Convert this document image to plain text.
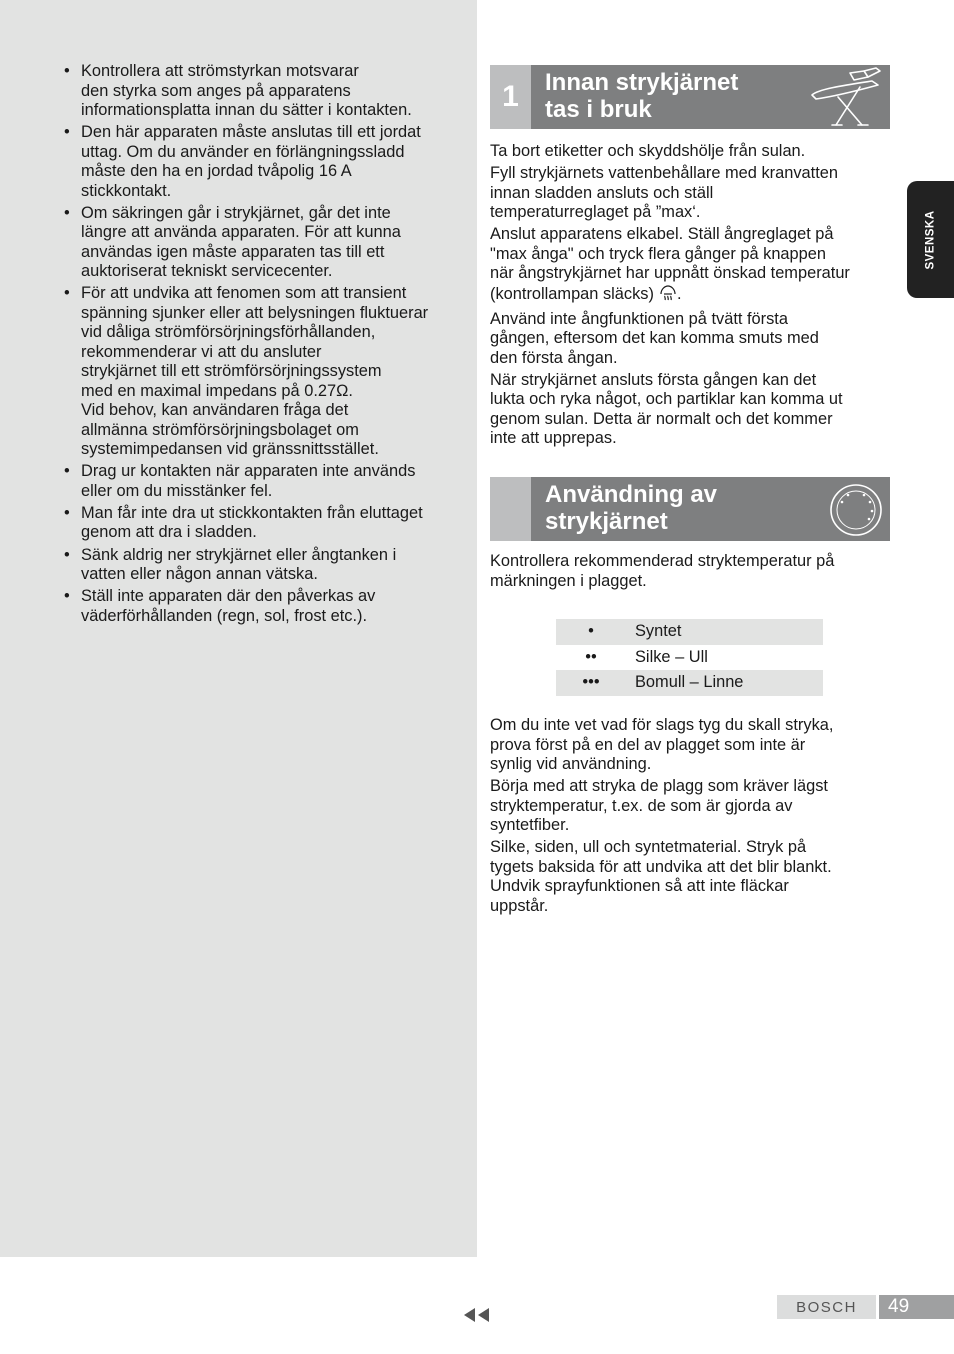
• Kontrollera att strömstyrkan motsvarar
den styrka som anges på apparatens
informationsplatta innan du sätter i kontakten.
• Den här apparaten måste anslutas till ett jordat
uttag. Om du använder en förlängningssladd
måste den ha en jordad tvåpolig 16 A
stickkontakt.
• Om säkringen går i strykjärnet, går det inte
längre att använda apparaten. För att kunna
användas igen måste apparaten tas till ett
auktoriserat tekniskt servicecenter.
• För att undvika att fenomen som att transient
spänning sjunker eller att belysningen fluktuerar
vid dåliga strömförsörjningsförhållanden,
rekommenderar vi att du ansluter
strykjärnet till ett strömförsörjningssystem
med en maximal impedans på 0.27Ω.
Vid behov, kan användaren fråga det
allmänna strömförsörjningsbolaget om
systemimpedansen vid gränssnittsstället.
• Drag ur kontakten när apparaten inte används
eller om du misstänker fel.
• Man får inte dra ut stickkontakten från eluttaget
genom att dra i sladden.
• Sänk aldrig ner strykjärnet eller ångtanken i
vatten eller någon annan vätska.
• Ställ inte apparaten där den påverkas av
väderförhållanden (regn, sol, frost etc.).
1	Innan strykjärnet
tas i bruk

Ta bort etiketter och skyddshölje från sulan.

Fyll strykjärnets vattenbehållare med kranvatten
innan sladden ansluts och ställ
temperaturreglaget på ”max‘.

Anslut apparatens elkabel. Ställ ångreglaget på
"max ånga" och tryck flera gånger på knappen
när ångstrykjärnet har uppnått önskad temperatur
(kontrollampan släcks) .

Använd inte ångfunktionen på tvätt första
gången, eftersom det kan komma smuts med
den första ångan.

När strykjärnet ansluts första gången kan det
lukta och ryka något, och partiklar kan komma ut
genom sulan. Detta är normalt och det kommer
inte att upprepas.

Användning av
strykjärnet

Kontrollera rekommenderad stryktemperatur på
märkningen i plagget.

•	Syntet
••	Silke – Ull
•••	Bomull – Linne

Om du inte vet vad för slags tyg du skall stryka,
prova först på en del av plagget som inte är
synlig vid användning.

Börja med att stryka de plagg som kräver lägst
stryktemperatur, t.ex. de som är gjorda av
syntetfiber.

Silke, siden, ull och syntetmaterial. Stryk på
tygets baksida för att undvika att det blir blankt.
Undvik sprayfunktionen så att inte fläckar
uppstår.

SVENSKA
BOSCH	49
